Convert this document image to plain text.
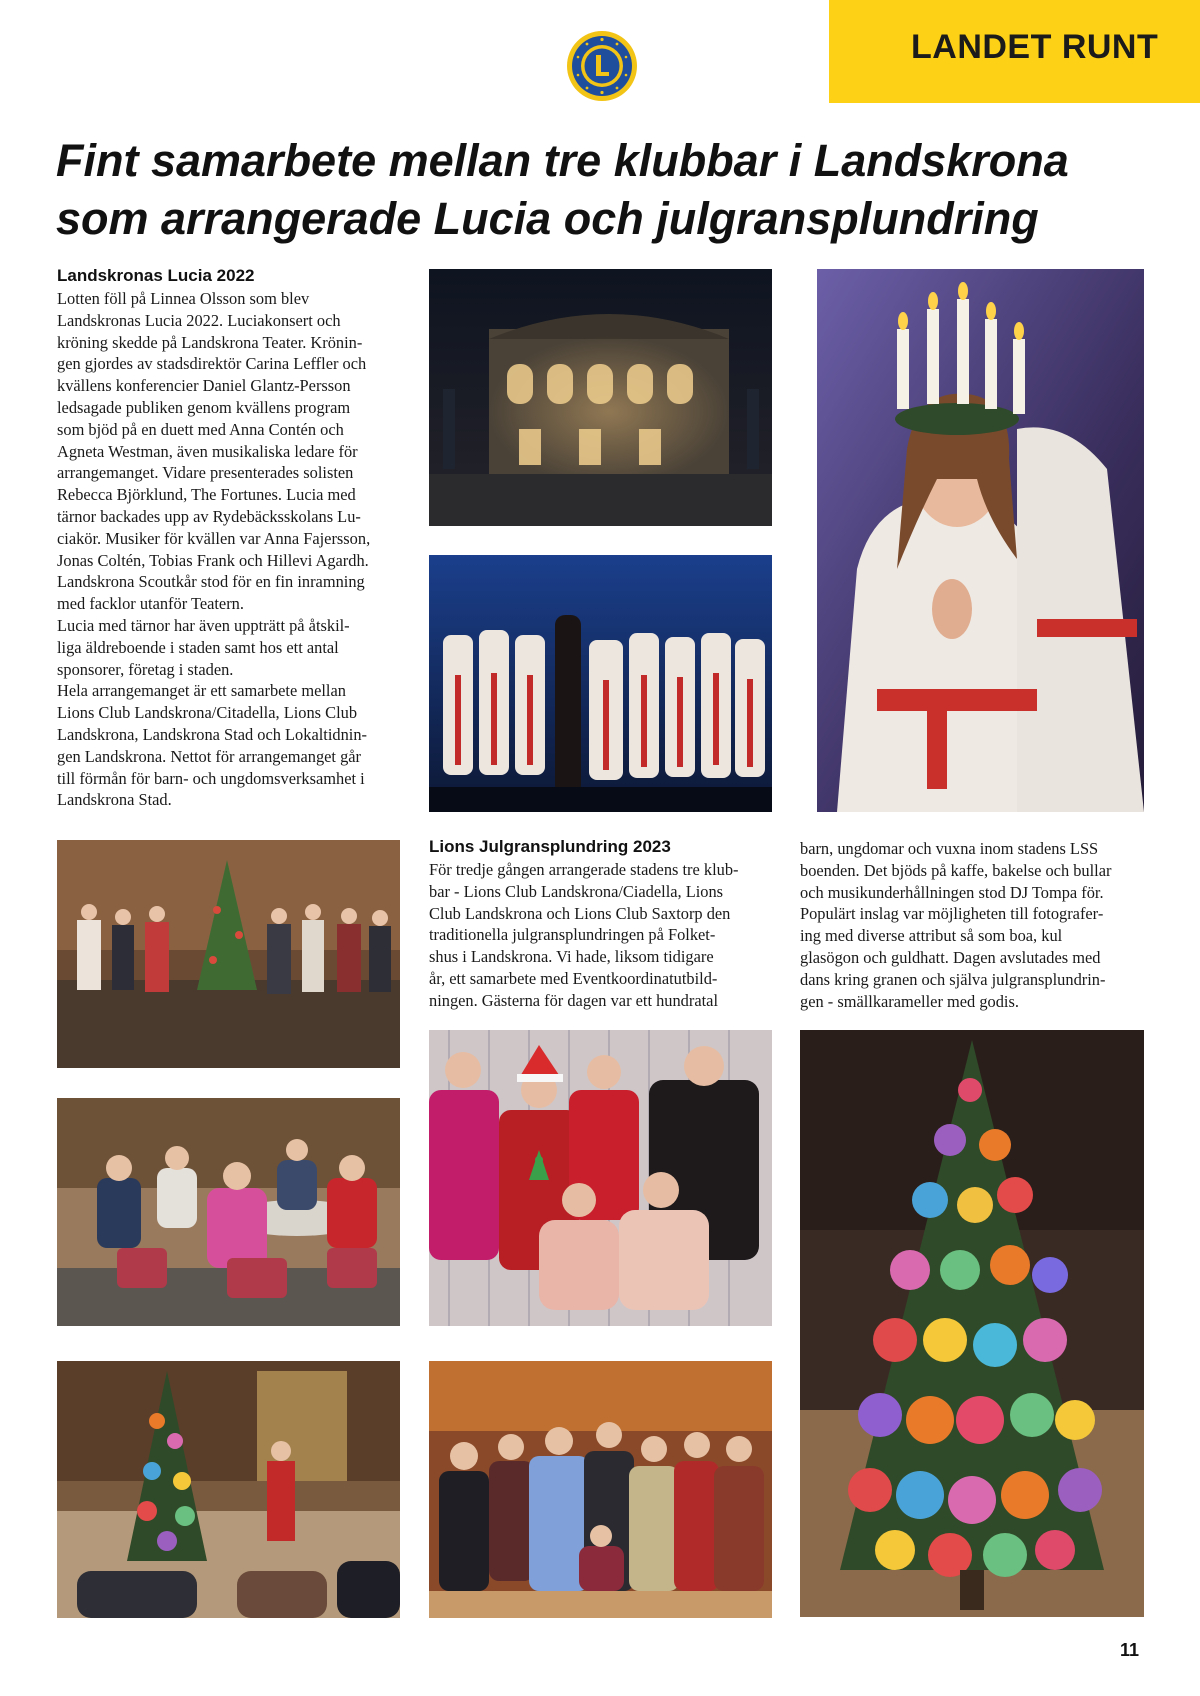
LANDET RUNT
Fint samarbete mellan tre klubbar i Landskrona som arrangerade Lucia och julgransplundring

Landskronas Lucia 2022

Lotten föll på Linnea Olsson som blev
Landskronas Lucia 2022. Luciakonsert och
kröning skedde på Landskrona Teater. Krönin-
gen gjordes av stadsdirektör Carina Leffler och
kvällens konferencier Daniel Glantz-Persson
ledsagade publiken genom kvällens program
som bjöd på en duett med Anna Contén och
Agneta Westman, även musikaliska ledare för
arrangemanget. Vidare presenterades solisten
Rebecca Björklund, The Fortunes. Lucia med
tärnor backades upp av Rydebäcksskolans Lu-
ciakör. Musiker för kvällen var Anna Fajersson,
Jonas Coltén, Tobias Frank och Hillevi Agardh.
Landskrona Scoutkår stod för en fin inramning
med facklor utanför Teatern.
Lucia med tärnor har även uppträtt på åtskil-
liga äldreboende i staden samt hos ett antal
sponsorer, företag i staden.
Hela arrangemanget är ett samarbete mellan
Lions Club Landskrona/Citadella, Lions Club
Landskrona, Landskrona Stad och Lokaltidnin-
gen Landskrona. Nettot för arrangemanget går
till förmån för barn- och ungdomsverksamhet i
Landskrona Stad.

Lions Julgransplundring 2023

För tredje gången arrangerade stadens tre klub-
bar - Lions Club Landskrona/Ciadella, Lions
Club Landskrona och Lions Club Saxtorp den
traditionella julgransplundringen på Folket-
shus i Landskrona. Vi hade, liksom tidigare
år, ett samarbete med Eventkoordinatutbild-
ningen. Gästerna för dagen var ett hundratal

barn, ungdomar och vuxna inom stadens LSS
boenden. Det bjöds på kaffe, bakelse och bullar
och musikunderhållningen stod DJ Tompa för.
Populärt inslag var möjligheten till fotografer-
ing med diverse attribut så som boa, kul
glasögon och guldhatt. Dagen avslutades med
dans kring granen och själva julgransplundrin-
gen - smällkarameller med godis.

11
